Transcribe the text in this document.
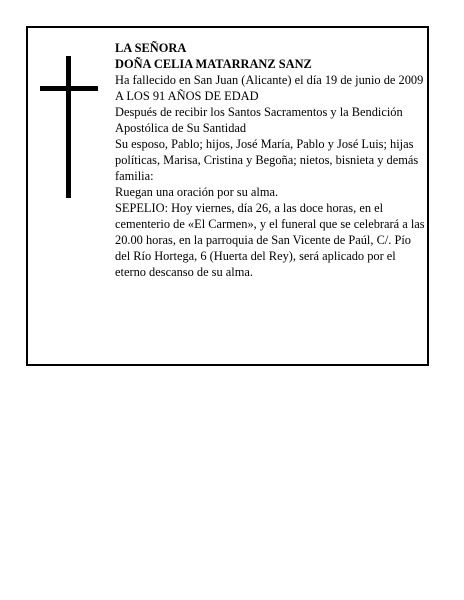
LA SEÑORA

DOÑA CELIA MATARRANZ SANZ

Ha fallecido en San Juan (Alicante) el día 19 de junio de 2009

A LOS 91 AÑOS DE EDAD

Después de recibir los Santos Sacramentos y la Bendición Apostólica de Su Santidad

Su esposo, Pablo; hijos, José María, Pablo y José Luis; hijas políticas, Marisa, Cristina y Begoña; nietos, bisnieta y demás familia:

Ruegan una oración por su alma.

SEPELIO: Hoy viernes, día 26, a las doce horas, en el cementerio de «El Carmen», y el funeral que se celebrará a las 20.00 horas, en la parroquia de San Vicente de Paúl, C/. Pío del Río Hortega, 6 (Huerta del Rey), será aplicado por el eterno descanso de su alma.
